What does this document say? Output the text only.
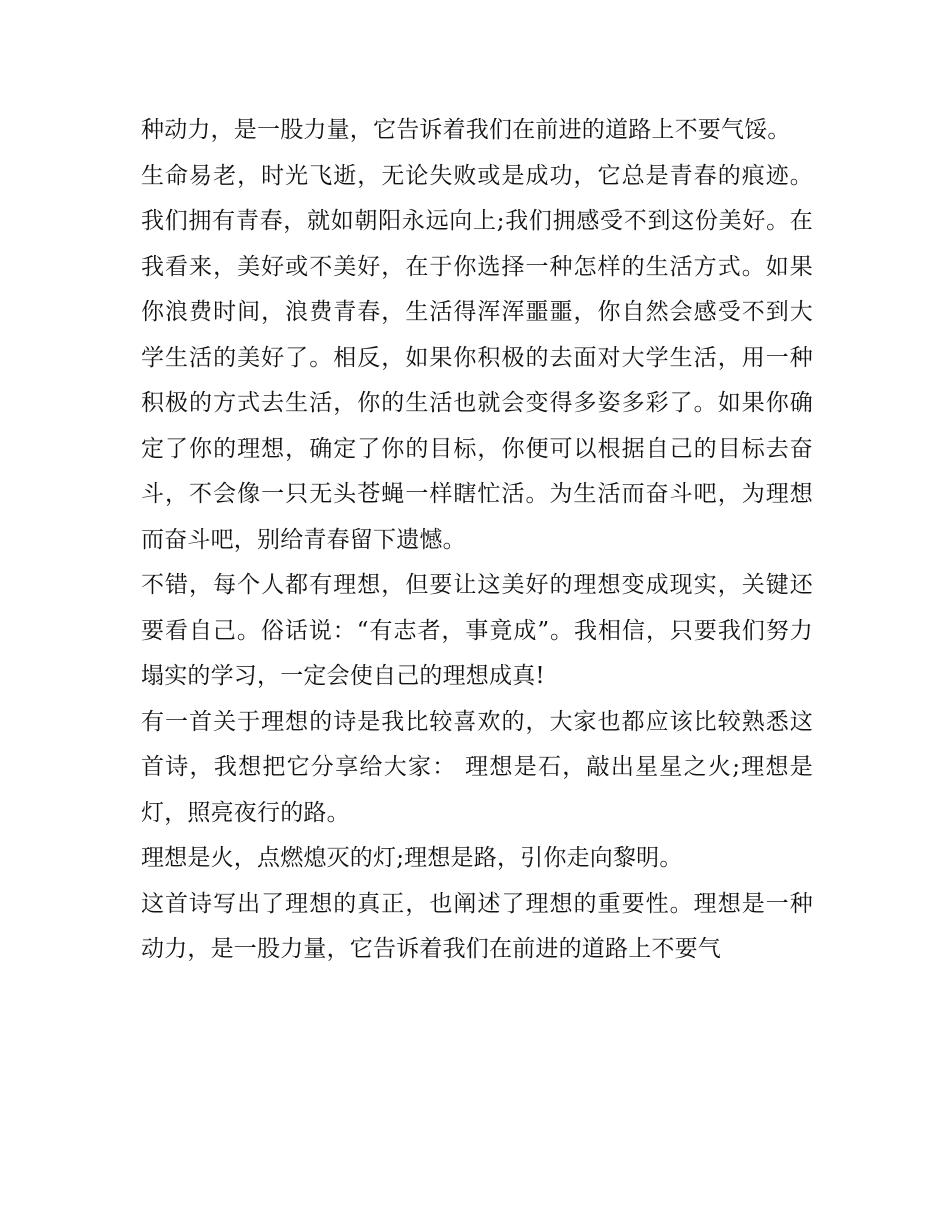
种动力，是一股力量，它告诉着我们在前进的道路上不要气馁。

生命易老，时光飞逝，无论失败或是成功，它总是青春的痕迹。我们拥有青春，就如朝阳永远向上;我们拥感受不到这份美好。在我看来，美好或不美好，在于你选择一种怎样的生活方式。如果你浪费时间，浪费青春，生活得浑浑噩噩，你自然会感受不到大学生活的美好了。相反，如果你积极的去面对大学生活，用一种积极的方式去生活，你的生活也就会变得多姿多彩了。如果你确定了你的理想，确定了你的目标，你便可以根据自己的目标去奋斗，不会像一只无头苍蝇一样瞎忙活。为生活而奋斗吧，为理想而奋斗吧，别给青春留下遗憾。

不错，每个人都有理想，但要让这美好的理想变成现实，关键还要看自己。俗话说：“有志者，事竟成”。我相信，只要我们努力塌实的学习，一定会使自己的理想成真!

有一首关于理想的诗是我比较喜欢的，大家也都应该比较熟悉这首诗，我想把它分享给大家： 理想是石，敲出星星之火;理想是灯，照亮夜行的路。

理想是火，点燃熄灭的灯;理想是路，引你走向黎明。

这首诗写出了理想的真正，也阐述了理想的重要性。理想是一种动力，是一股力量，它告诉着我们在前进的道路上不要气
